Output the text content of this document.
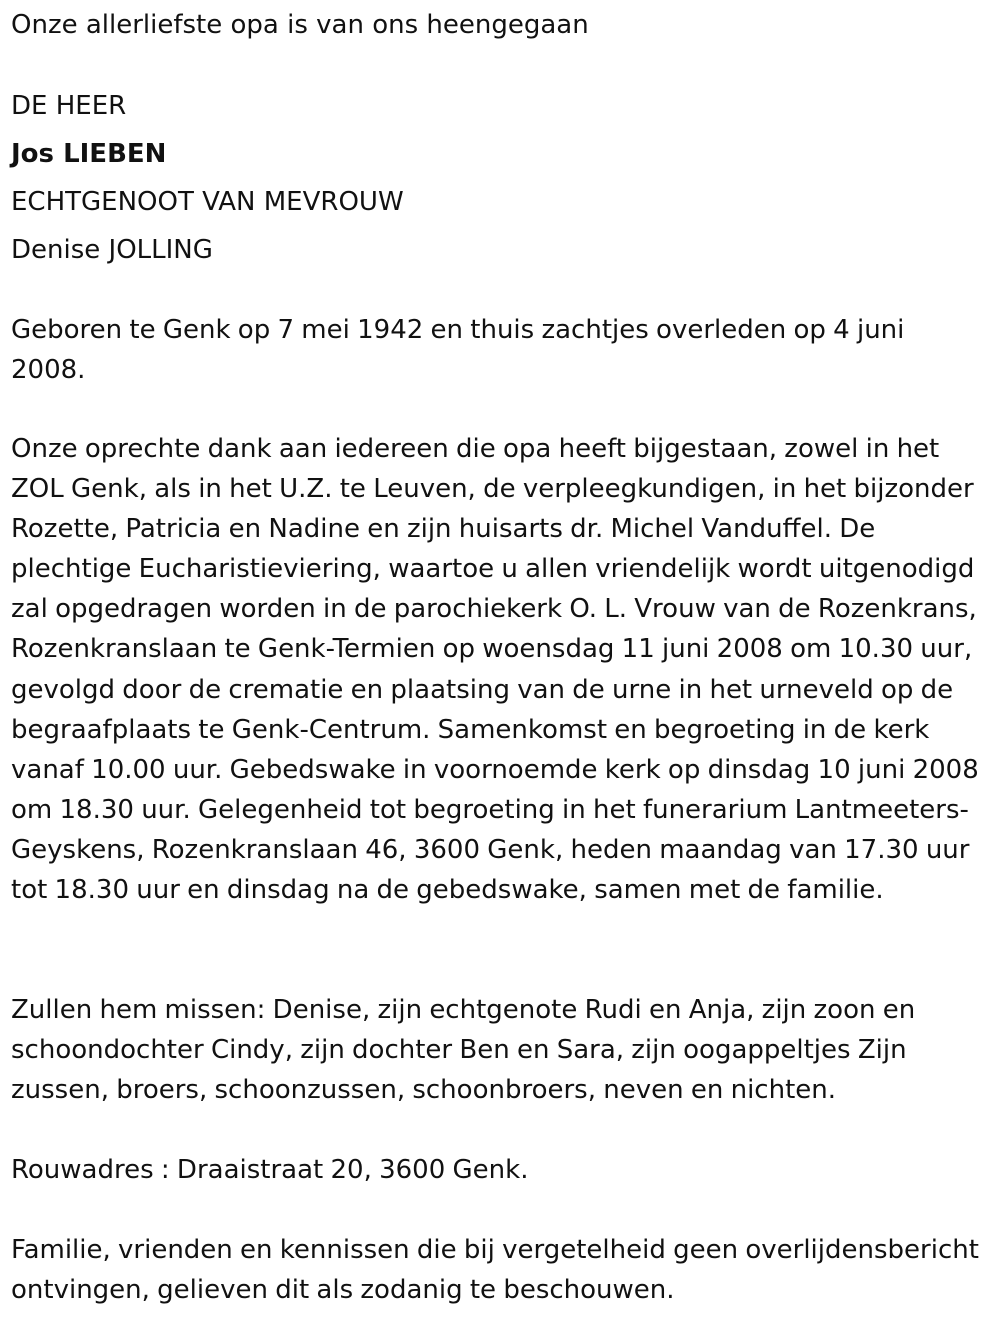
Onze allerliefste opa is van ons heengegaan
DE HEER
Jos LIEBEN
ECHTGENOOT VAN MEVROUW
Denise JOLLING
Geboren te Genk op 7 mei 1942 en thuis zachtjes overleden op 4 juni 2008.
Onze oprechte dank aan iedereen die opa heeft bijgestaan, zowel in het ZOL Genk, als in het U.Z. te Leuven, de verpleegkundigen, in het bijzonder Rozette, Patricia en Nadine en zijn huisarts dr. Michel Vanduffel. De plechtige Eucharistieviering, waartoe u allen vriendelijk wordt uitgenodigd zal opgedragen worden in de parochiekerk O. L. Vrouw van de Rozenkrans, Rozenkranslaan te Genk-Termien op woensdag 11 juni 2008 om 10.30 uur, gevolgd door de crematie en plaatsing van de urne in het urneveld op de begraafplaats te Genk-Centrum. Samenkomst en begroeting in de kerk vanaf 10.00 uur. Gebedswake in voornoemde kerk op dinsdag 10 juni 2008 om 18.30 uur. Gelegenheid tot begroeting in het funerarium Lantmeeters-Geyskens, Rozenkranslaan 46, 3600 Genk, heden maandag van 17.30 uur tot 18.30 uur en dinsdag na de gebedswake, samen met de familie.
Zullen hem missen: Denise, zijn echtgenote Rudi en Anja, zijn zoon en schoondochter Cindy, zijn dochter Ben en Sara, zijn oogappeltjes Zijn zussen, broers, schoonzussen, schoonbroers, neven en nichten.
Rouwadres : Draaistraat 20, 3600 Genk.
Familie, vrienden en kennissen die bij vergetelheid geen overlijdensbericht ontvingen, gelieven dit als zodanig te beschouwen.
